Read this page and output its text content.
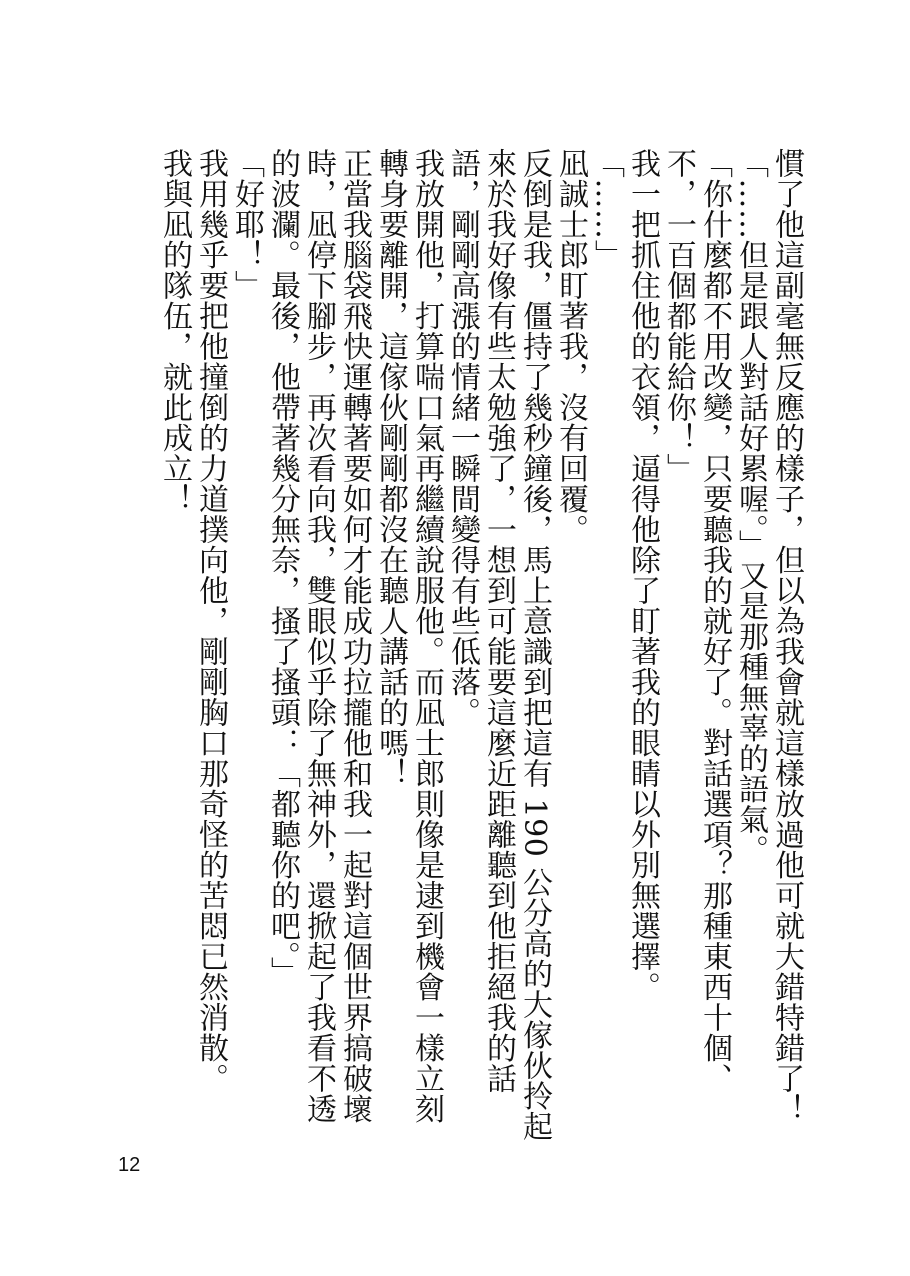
慣了他這副毫無反應的樣子，但以為我會就這樣放過他可就大錯特錯了！

「……但是跟人對話好累喔。」又是那種無辜的語氣。

「你什麼都不用改變，只要聽我的就好了。對話選項？那種東西十個、不，一百個都能給你！」

我一把抓住他的衣領，逼得他除了盯著我的眼睛以外別無選擇。

「……」

凪誠士郎盯著我，沒有回覆。

反倒是我，僵持了幾秒鐘後，馬上意識到把這有 190 公分高的大傢伙拎起來於我好像有些太勉強了，一想到可能要這麼近距離聽到他拒絕我的話語，剛剛高漲的情緒一瞬間變得有些低落。

我放開他，打算喘口氣再繼續說服他。而凪士郎則像是逮到機會一樣立刻轉身要離開，這傢伙剛剛都沒在聽人講話的嗎！

正當我腦袋飛快運轉著要如何才能成功拉攏他和我一起對這個世界搞破壞時，凪停下腳步，再次看向我，雙眼似乎除了無神外，還掀起了我看不透的波瀾。最後，他帶著幾分無奈，搔了搔頭：「都聽你的吧。」

「好耶！」

我用幾乎要把他撞倒的力道撲向他，剛剛胸口那奇怪的苦悶已然消散。

我與凪的隊伍，就此成立！

12
